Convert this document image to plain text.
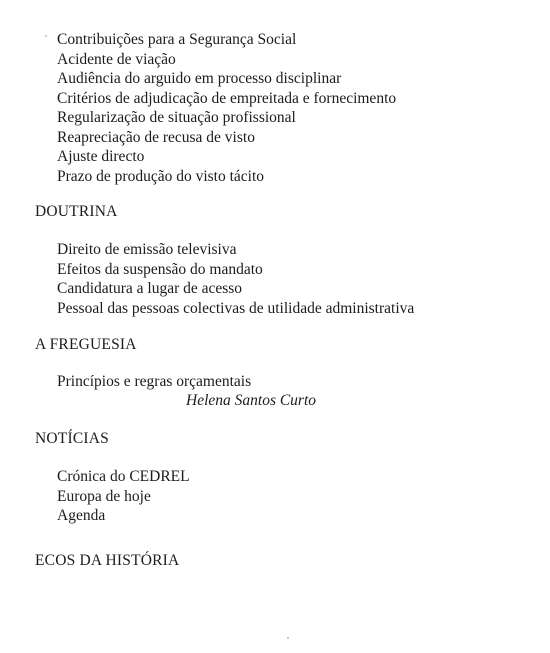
Contribuições para a Segurança Social
Acidente de viação
Audiência do arguido em processo disciplinar
Critérios de adjudicação de empreitada e fornecimento
Regularização de situação profissional
Reapreciação de recusa de visto
Ajuste directo
Prazo de produção do visto tácito
DOUTRINA
Direito de emissão televisiva
Efeitos da suspensão do mandato
Candidatura a lugar de acesso
Pessoal das pessoas colectivas de utilidade administrativa
A FREGUESIA
Princípios e regras orçamentais
Helena Santos Curto
NOTÍCIAS
Crónica do CEDREL
Europa de hoje
Agenda
ECOS DA HISTÓRIA
